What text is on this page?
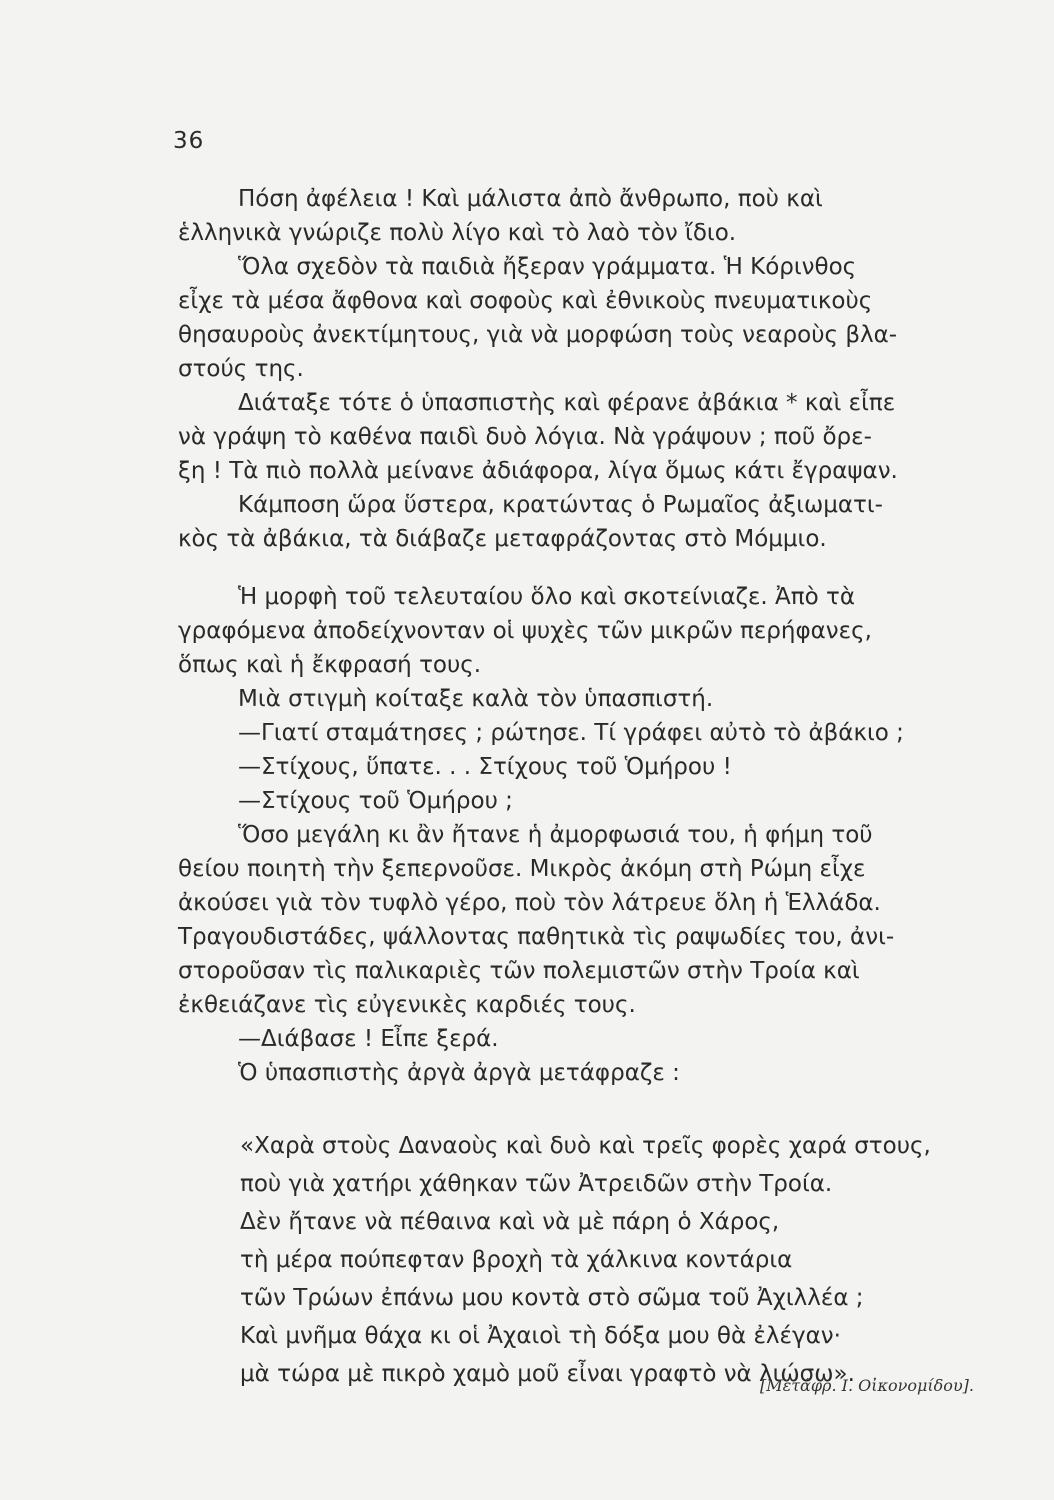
36
Πόση ἀφέλεια ! Καὶ μάλιστα ἀπὸ ἄνθρωπο, ποὺ καὶ
ἑλληνικὰ γνώριζε πολὺ λίγο καὶ τὸ λαὸ τὸν ἴδιο.
Ὅλα σχεδὸν τὰ παιδιὰ ἤξεραν γράμματα. Ἡ Κόρινθος
εἶχε τὰ μέσα ἄφθονα καὶ σοφοὺς καὶ ἐθνικοὺς πνευματικοὺς
θησαυροὺς ἀνεκτίμητους, γιὰ νὰ μορφώση τοὺς νεαροὺς βλα-
στούς της.
Διάταξε τότε ὁ ὑπασπιστὴς καὶ φέρανε ἀβάκια * καὶ εἶπε
νὰ γράψη τὸ καθένα παιδὶ δυὸ λόγια. Νὰ γράψουν ; ποῦ ὄρε-
ξη ! Τὰ πιὸ πολλὰ μείνανε ἀδιάφορα, λίγα ὅμως κάτι ἔγραψαν.
Κάμποση ὥρα ὕστερα, κρατώντας ὁ Ρωμαῖος ἀξιωματι-
κὸς τὰ ἀβάκια, τὰ διάβαζε μεταφράζοντας στὸ Μόμμιο.
Ἡ μορφὴ τοῦ τελευταίου ὅλο καὶ σκοτείνιαζε. Ἀπὸ τὰ
γραφόμενα ἀποδείχνονταν οἱ ψυχὲς τῶν μικρῶν περήφανες,
ὅπως καὶ ἡ ἔκφρασή τους.
Μιὰ στιγμὴ κοίταξε καλὰ τὸν ὑπασπιστή.
—Γιατί σταμάτησες ; ρώτησε. Τί γράφει αὐτὸ τὸ ἀβάκιο ;
—Στίχους, ὕπατε. . . Στίχους τοῦ Ὁμήρου !
—Στίχους τοῦ Ὁμήρου ;
Ὅσο μεγάλη κι ἂν ἤτανε ἡ ἀμορφωσιά του, ἡ φήμη τοῦ
θείου ποιητὴ τὴν ξεπερνοῦσε. Μικρὸς ἀκόμη στὴ Ρώμη εἶχε
ἀκούσει γιὰ τὸν τυφλὸ γέρο, ποὺ τὸν λάτρευε ὅλη ἡ Ἑλλάδα.
Τραγουδιστάδες, ψάλλοντας παθητικὰ τὶς ραψωδίες του, ἀνι-
στοροῦσαν τὶς παλικαριὲς τῶν πολεμιστῶν στὴν Τροία καὶ
ἐκθειάζανε τὶς εὐγενικὲς καρδιές τους.
—Διάβασε ! Εἶπε ξερά.
Ὁ ὑπασπιστὴς ἀργὰ ἀργὰ μετάφραζε :
«Χαρὰ στοὺς Δαναοὺς καὶ δυὸ καὶ τρεῖς φορὲς χαρά στους,
ποὺ γιὰ χατήρι χάθηκαν τῶν Ἀτρειδῶν στὴν Τροία.
Δὲν ἤτανε νὰ πέθαινα καὶ νὰ μὲ πάρη ὁ Χάρος,
τὴ μέρα πούπεφταν βροχὴ τὰ χάλκινα κοντάρια
τῶν Τρώων ἐπάνω μου κοντὰ στὸ σῶμα τοῦ Ἀχιλλέα ;
Καὶ μνῆμα θάχα κι οἱ Ἀχαιοὶ τὴ δόξα μου θὰ ἐλέγαν·
μὰ τώρα μὲ πικρὸ χαμὸ μοῦ εἶναι γραφτὸ νὰ λιώσω».
[Μετάφρ. Ι. Οἰκονομίδου].
